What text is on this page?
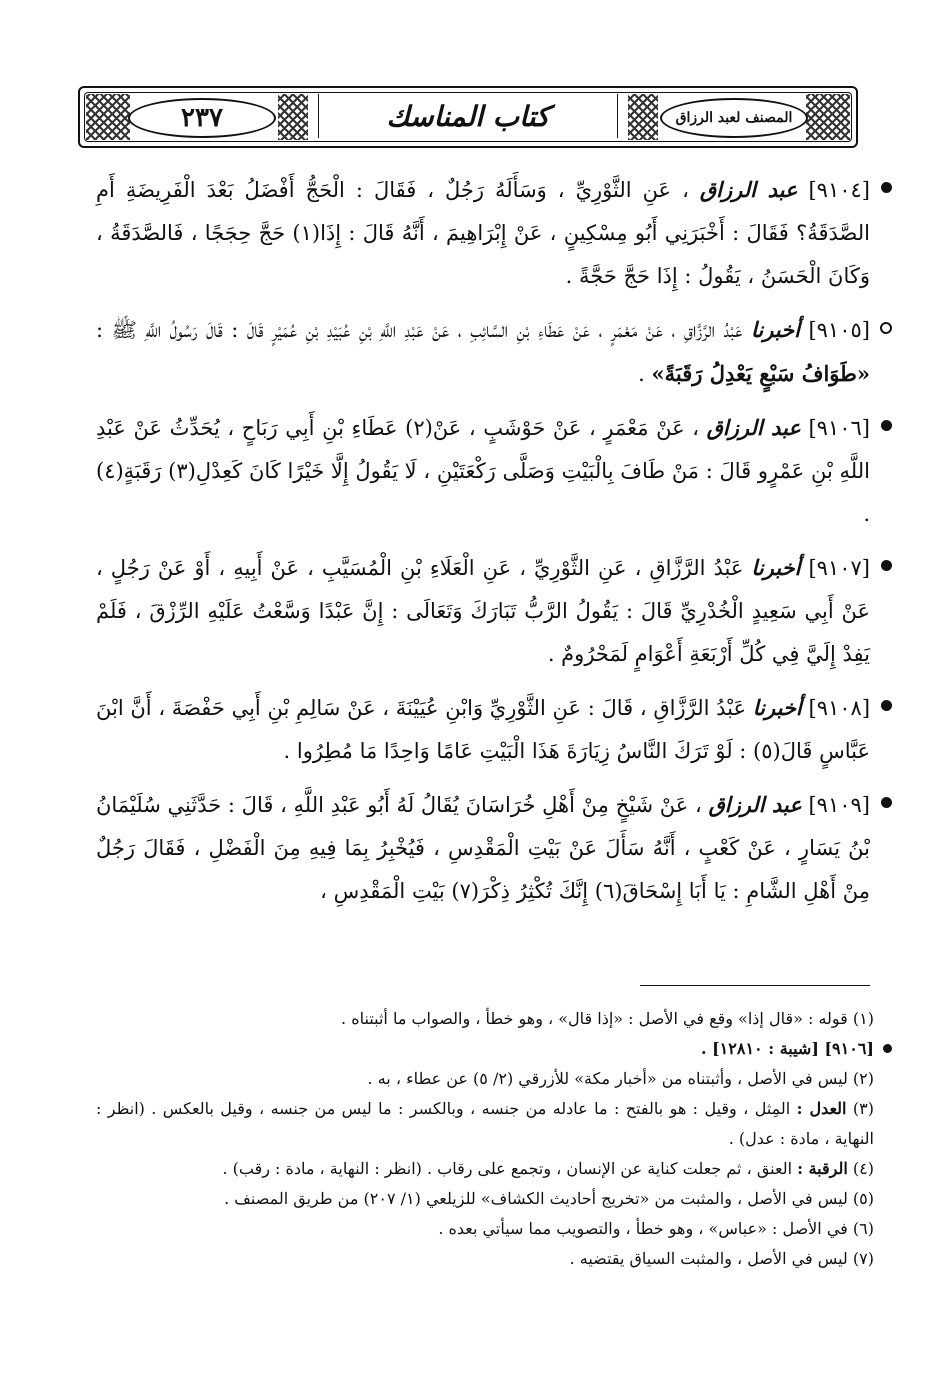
٢٣٧	كتاب المناسك	المصنف لعبد الرزاق
[٩١٠٤] عبد الرزاق ، عَنِ الثَّوْرِيِّ ، وَسَأَلَهُ رَجُلٌ ، فَقَالَ : الْحَجُّ أَفْضَلُ بَعْدَ الْفَرِيضَةِ أَمِ الصَّدَقَةُ؟ فَقَالَ : أَخْبَرَنِي أَبُو مِسْكِينٍ ، عَنْ إِبْرَاهِيمَ ، أَنَّهُ قَالَ : إِذَا(١) حَجَّ حِجَجًا ، فَالصَّدَقَةُ ، وَكَانَ الْحَسَنُ ، يَقُولُ : إِذَا حَجَّ حَجَّةً .
[٩١٠٥] أخبرنا عَبْدُ الرَّزَّاقِ ، عَنْ مَعْمَرٍ ، عَنْ عَطَاءِ بْنِ السَّائِبِ ، عَنْ عَبْدِ اللَّهِ بْنِ عُبَيْدِ بْنِ عُمَيْرٍ قَالَ : قَالَ رَسُولُ اللَّهِ ﷺ : «طَوَافُ سَبْعٍ يَعْدِلُ رَقَبَةً» .
[٩١٠٦] عبد الرزاق ، عَنْ مَعْمَرٍ ، عَنْ حَوْشَبٍ ، عَنْ(٢) عَطَاءِ بْنِ أَبِي رَبَاحٍ ، يُحَدِّثُ عَنْ عَبْدِ اللَّهِ بْنِ عَمْرٍو قَالَ : مَنْ طَافَ بِالْبَيْتِ وَصَلَّى رَكْعَتَيْنِ ، لَا يَقُولُ إِلَّا خَيْرًا كَانَ كَعِدْلِ(٣) رَقَبَةٍ(٤) .
[٩١٠٧] أخبرنا عَبْدُ الرَّزَّاقِ ، عَنِ الثَّوْرِيِّ ، عَنِ الْعَلَاءِ بْنِ الْمُسَيَّبِ ، عَنْ أَبِيهِ ، أَوْ عَنْ رَجُلٍ ، عَنْ أَبِي سَعِيدٍ الْخُدْرِيِّ قَالَ : يَقُولُ الرَّبُّ تَبَارَكَ وَتَعَالَى : إِنَّ عَبْدًا وَسَّعْتُ عَلَيْهِ الرِّزْقَ ، فَلَمْ يَفِدْ إِلَيَّ فِي كُلِّ أَرْبَعَةِ أَعْوَامٍ لَمَحْرُومٌ .
[٩١٠٨] أخبرنا عَبْدُ الرَّزَّاقِ ، قَالَ : عَنِ الثَّوْرِيِّ وَابْنِ عُيَيْنَةَ ، عَنْ سَالِمِ بْنِ أَبِي حَفْصَةَ ، أَنَّ ابْنَ عَبَّاسٍ قَالَ(٥) : لَوْ تَرَكَ النَّاسُ زِيَارَةَ هَذَا الْبَيْتِ عَامًا وَاحِدًا مَا مُطِرُوا .
[٩١٠٩] عبد الرزاق ، عَنْ شَيْخٍ مِنْ أَهْلِ خُرَاسَانَ يُقَالُ لَهُ أَبُو عَبْدِ اللَّهِ ، قَالَ : حَدَّثَنِي سُلَيْمَانُ بْنُ يَسَارٍ ، عَنْ كَعْبٍ ، أَنَّهُ سَأَلَ عَنْ بَيْتِ الْمَقْدِسِ ، فَيُخْبِرُ بِمَا فِيهِ مِنَ الْفَضْلِ ، فَقَالَ رَجُلٌ مِنْ أَهْلِ الشَّامِ : يَا أَبَا إِسْحَاقَ(٦) إِنَّكَ تُكْثِرُ ذِكْرَ(٧) بَيْتِ الْمَقْدِسِ ،
(١) قوله : «قال إذا» وقع في الأصل : «إذا قال» ، وهو خطأ ، والصواب ما أثبتناه .
[٩١٠٦] [شيبة : ١٢٨١٠] .
(٢) ليس في الأصل ، وأثبتناه من «أخبار مكة» للأزرقي (٢/ ٥) عن عطاء ، به .
(٣) العدل : المِثل ، وقيل : هو بالفتح : ما عادله من جنسه ، وبالكسر : ما ليس من جنسه ، وقيل بالعكس . (انظر : النهاية ، مادة : عدل) .
(٤) الرقبة : العنق ، ثم جعلت كناية عن الإنسان ، وتجمع على رقاب . (انظر : النهاية ، مادة : رقب) .
(٥) ليس في الأصل ، والمثبت من «تخريج أحاديث الكشاف» للزيلعي (١/ ٢٠٧) من طريق المصنف .
(٦) في الأصل : «عباس» ، وهو خطأ ، والتصويب مما سيأتي بعده .
(٧) ليس في الأصل ، والمثبت السياق يقتضيه .
